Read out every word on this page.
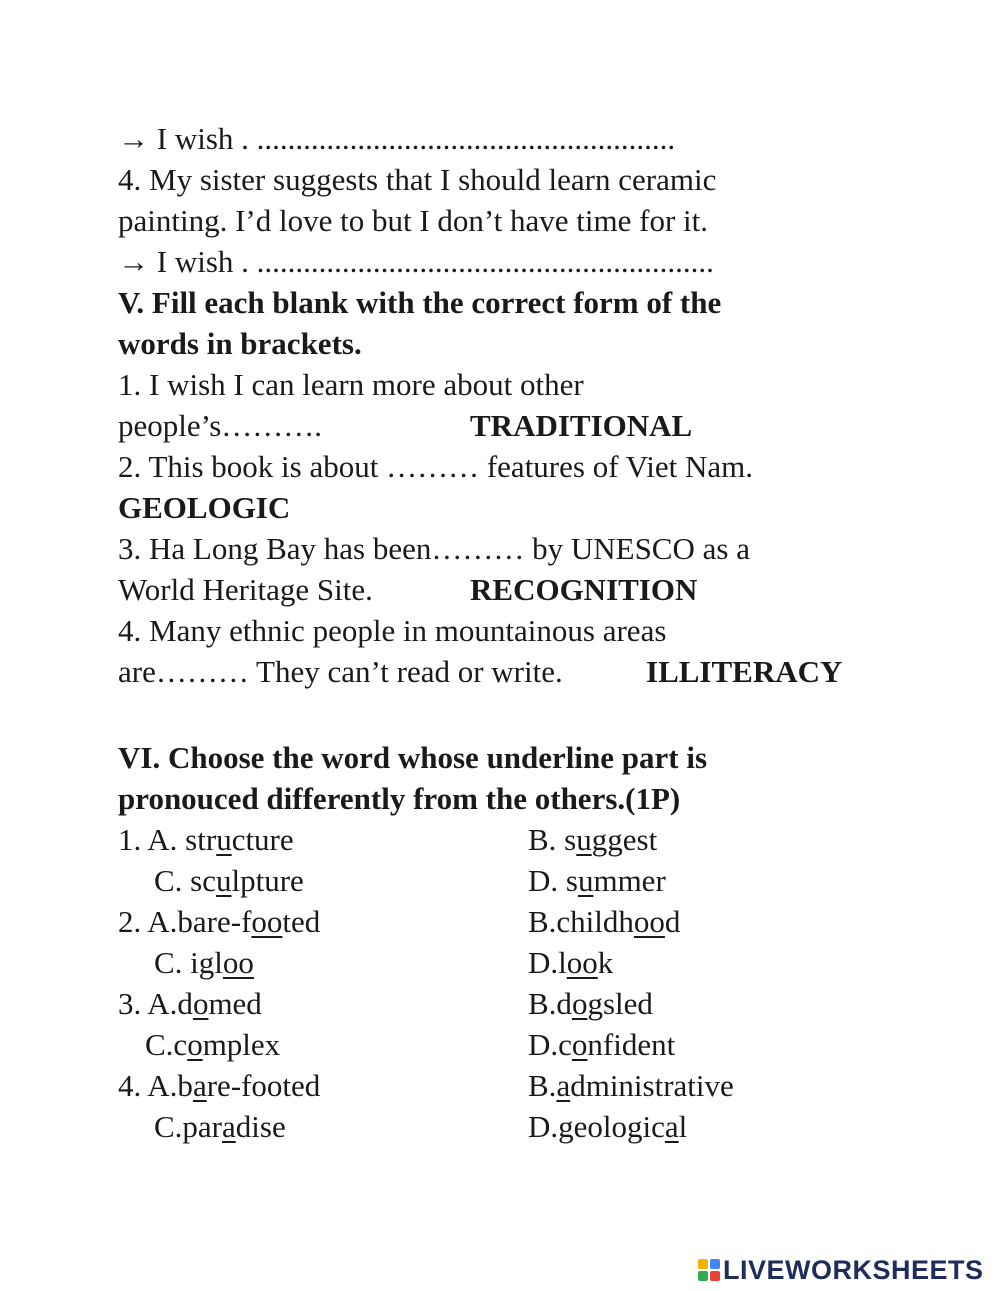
→ I wish . ......................................................
4. My sister suggests that I should learn ceramic
painting. I’d love to but I don’t have time for it.
→ I wish . ...........................................................
V. Fill each blank with the correct form of the
words in brackets.
1. I wish I can learn more about other
people’s……….	TRADITIONAL
2. This book is about ……… features of Viet Nam.
GEOLOGIC
3. Ha Long Bay has been……… by UNESCO as a
World Heritage Site.	RECOGNITION
4. Many ethnic people in mountainous areas
are……… They can’t read or write.	ILLITERACY
VI. Choose the word whose underline part is
pronouced differently from the others.(1P)
1. A. structure	B. suggest
C. sculpture	D. summer
2. A.bare-footed	B.childhood
C. igloo	D.look
3. A.domed	B.dogsled
C.complex	D.confident
4. A.bare-footed	B.administrative
C.paradise	D.geological
LIVEWORKSHEETS
